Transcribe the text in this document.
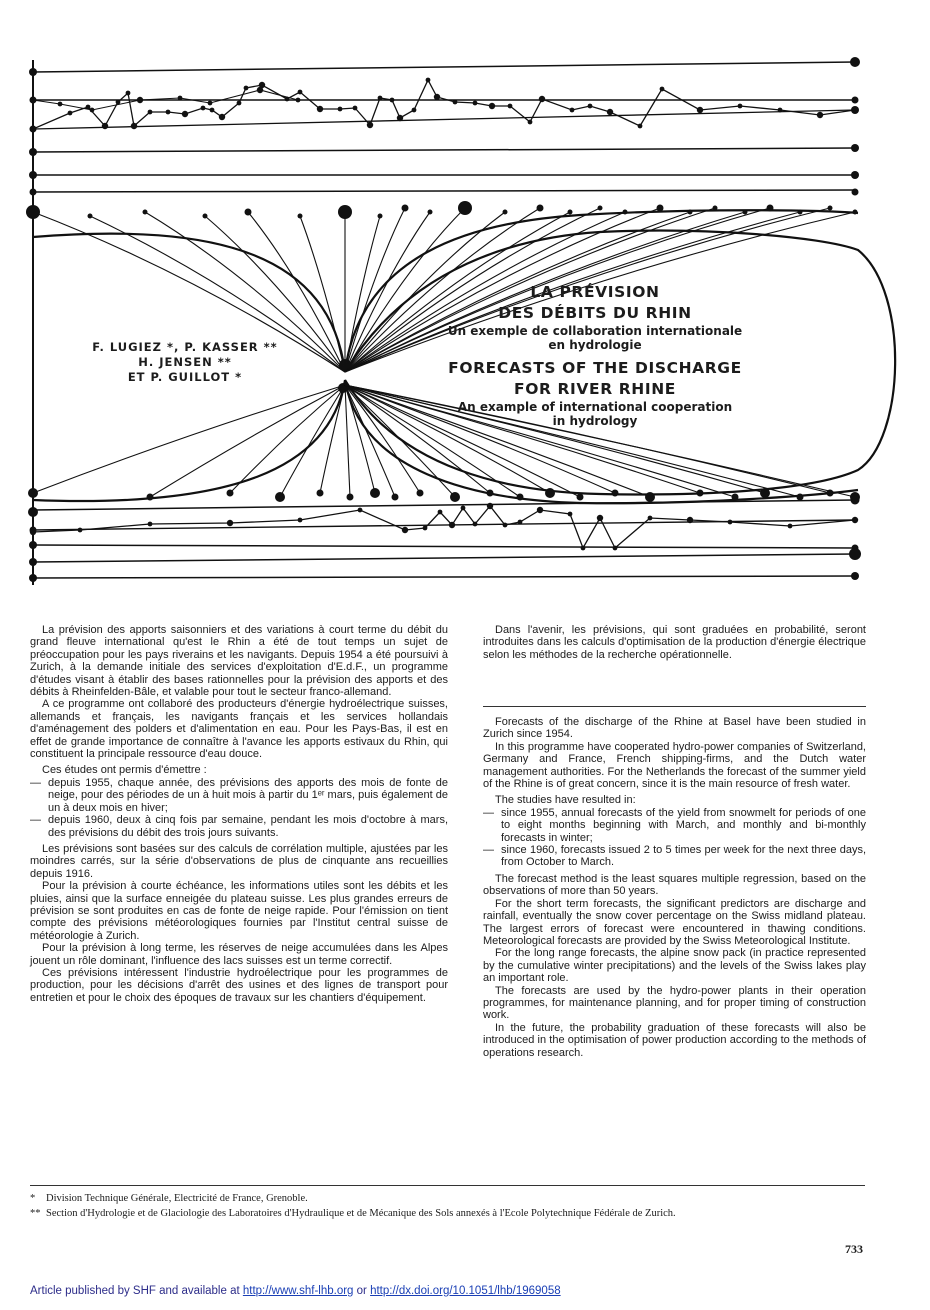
F. LUGIEZ *, P. KASSER **
H. JENSEN **
ET P. GUILLOT *
LA PRÉVISION
DES DÉBITS DU RHIN
Un exemple de collaboration internationale
en hydrologie
FORECASTS OF THE DISCHARGE
FOR RIVER RHINE
An example of international cooperation
in hydrology

La prévision des apports saisonniers et des variations à court terme du débit du grand fleuve international qu'est le Rhin a été de tout temps un sujet de préoccupation pour les pays riverains et les navigants. Depuis 1954 a été poursuivi à Zurich, à la demande initiale des services d'exploitation d'E.d.F., un programme d'études visant à établir des bases rationnelles pour la prévision des apports et des débits à Rheinfelden-Bâle, et valable pour tout le secteur franco-allemand.

A ce programme ont collaboré des producteurs d'énergie hydroélectrique suisses, allemands et français, les navigants français et les services hollandais d'aménagement des polders et d'alimentation en eau. Pour les Pays-Bas, il est en effet de grande importance de connaître à l'avance les apports estivaux du Rhin, qui constituent la principale ressource d'eau douce.

Ces études ont permis d'émettre :

— depuis 1955, chaque année, des prévisions des apports des mois de fonte de neige, pour des périodes de un à huit mois à partir du 1ᵉʳ mars, puis également de un à deux mois en hiver;

— depuis 1960, deux à cinq fois par semaine, pendant les mois d'octobre à mars, des prévisions du débit des trois jours suivants.

Les prévisions sont basées sur des calculs de corrélation multiple, ajustées par les moindres carrés, sur la série d'observations de plus de cinquante ans recueillies depuis 1916.

Pour la prévision à courte échéance, les informations utiles sont les débits et les pluies, ainsi que la surface enneigée du plateau suisse. Les plus grandes erreurs de prévision se sont produites en cas de fonte de neige rapide. Pour l'émission on tient compte des prévisions météorologiques fournies par l'Institut central suisse de météorologie à Zurich.

Pour la prévision à long terme, les réserves de neige accumulées dans les Alpes jouent un rôle dominant, l'influence des lacs suisses est un terme correctif.

Ces prévisions intéressent l'industrie hydroélectrique pour les programmes de production, pour les décisions d'arrêt des usines et des lignes de transport pour entretien et pour le choix des époques de travaux sur les chantiers d'équipement.

Dans l'avenir, les prévisions, qui sont graduées en probabilité, seront introduites dans les calculs d'optimisation de la production d'énergie électrique selon les méthodes de la recherche opérationnelle.

Forecasts of the discharge of the Rhine at Basel have been studied in Zurich since 1954.

In this programme have cooperated hydro-power companies of Switzerland, Germany and France, French shipping-firms, and the Dutch water management authorities. For the Netherlands the forecast of the summer yield of the Rhine is of great concern, since it is the main resource of fresh water.

The studies have resulted in:

— since 1955, annual forecasts of the yield from snowmelt for periods of one to eight months beginning with March, and monthly and bi-monthly forecasts in winter;

— since 1960, forecasts issued 2 to 5 times per week for the next three days, from October to March.

The forecast method is the least squares multiple regression, based on the observations of more than 50 years.

For the short term forecasts, the significant predictors are discharge and rainfall, eventually the snow cover percentage on the Swiss midland plateau. The largest errors of forecast were encountered in thawing conditions. Meteorological forecasts are provided by the Swiss Meteorological Institute.

For the long range forecasts, the alpine snow pack (in practice represented by the cumulative winter precipitations) and the levels of the Swiss lakes play an important role.

The forecasts are used by the hydro-power plants in their operation programmes, for maintenance planning, and for proper timing of construction work.

In the future, the probability graduation of these forecasts will also be introduced in the optimisation of power production according to the methods of operations research.

* Division Technique Générale, Electricité de France, Grenoble.
** Section d'Hydrologie et de Glaciologie des Laboratoires d'Hydraulique et de Mécanique des Sols annexés à l'Ecole Polytechnique Fédérale de Zurich.
733
Article published by SHF and available at http://www.shf-lhb.org or http://dx.doi.org/10.1051/lhb/1969058
